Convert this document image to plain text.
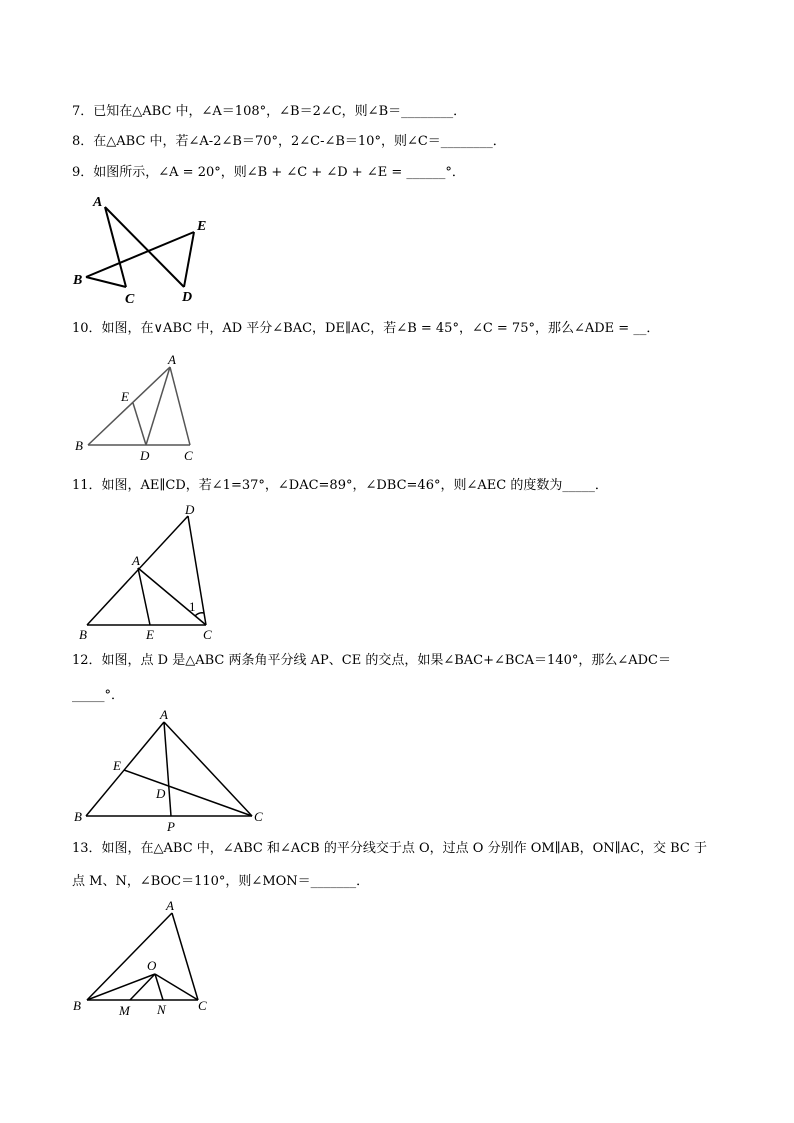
7．已知在△ABC 中，∠A＝108°，∠B＝2∠C，则∠B＝________．
8．在△ABC 中，若∠A-2∠B＝70°，2∠C-∠B＝10°，则∠C＝________．
9．如图所示，∠A = 20°，则∠B + ∠C + ∠D + ∠E = ______°．
A
E
B
C	D
10．如图，在∨ABC 中，AD 平分∠BAC，DE∥AC，若∠B = 45°，∠C = 75°，那么∠ADE = __．
A
E
B
D	C
11．如图，AE∥CD，若∠1=37°，∠DAC=89°，∠DBC=46°，则∠AEC 的度数为_____．
D
A
1
B	E	C
12．如图，点 D 是△ABC 两条角平分线 AP、CE 的交点，如果∠BAC+∠BCA＝140°，那么∠ADC＝
_____°．
A
E
D
B	C
P
13．如图，在△ABC 中，∠ABC 和∠ACB 的平分线交于点 O，过点 O 分别作 OM∥AB，ON∥AC，交 BC 于
点 M、N，∠BOC＝110°，则∠MON＝_______．
A
O
B	M N C
